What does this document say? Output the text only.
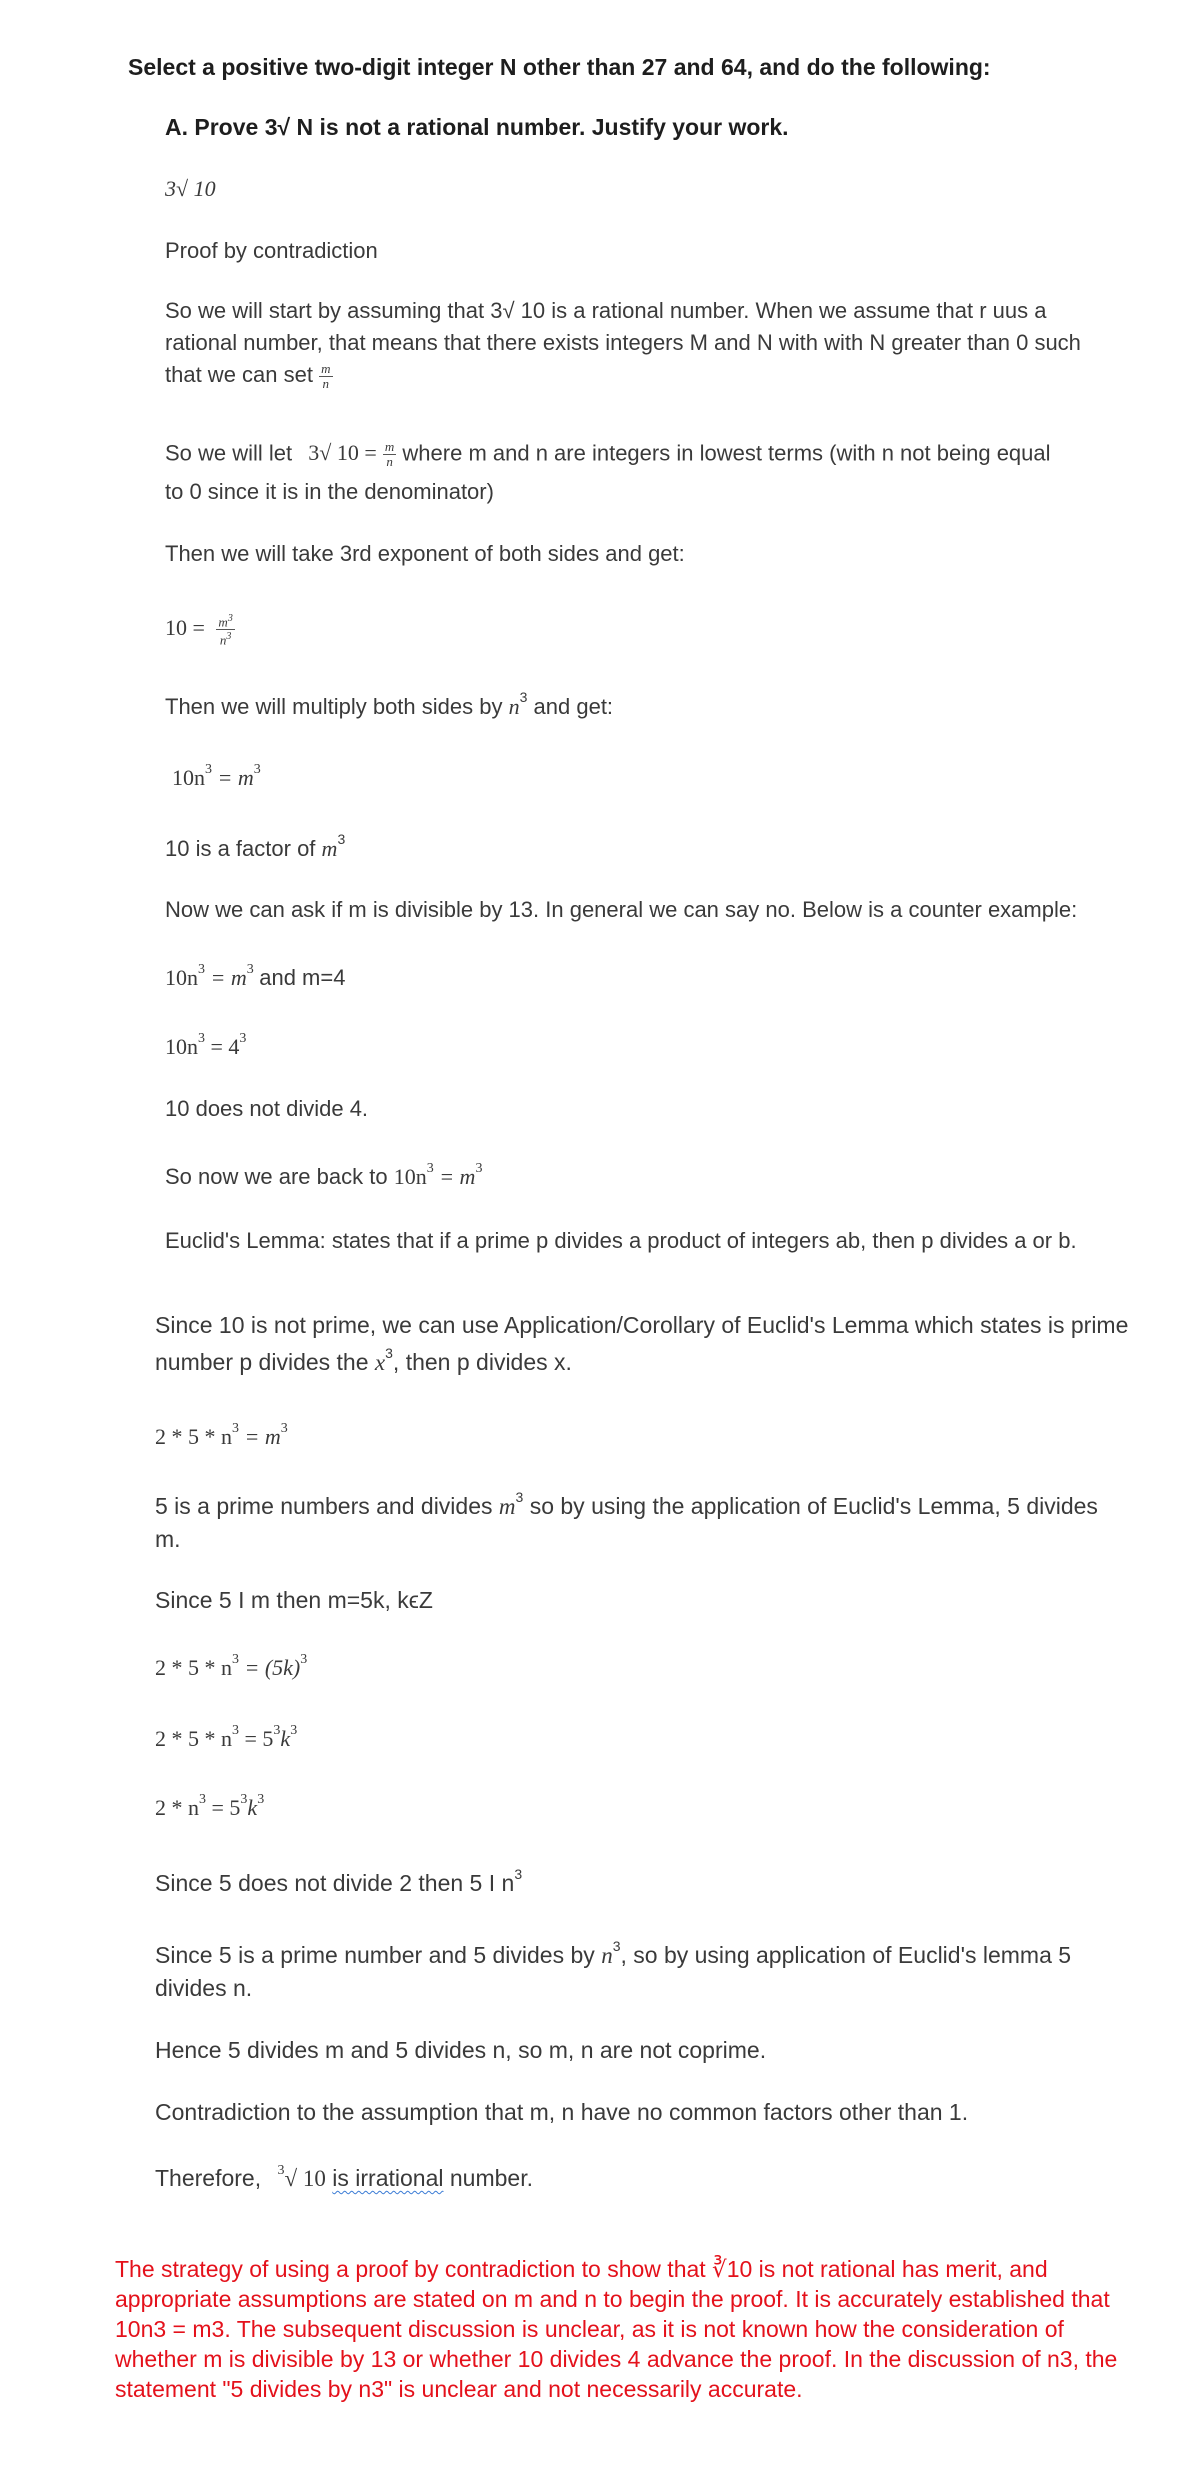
Select a positive two-digit integer N other than 27 and 64, and do the following:
A. Prove 3√ N is not a rational number. Justify your work.
3√ 10
Proof by contradiction
So we will start by assuming that 3√ 10 is a rational number. When we assume that r uus a rational number, that means that there exists integers M and N with with N greater than 0 such that we can set $\frac{m}{n}$
So we will let 3√ $10 = \frac{m}{n}$ where m and n are integers in lowest terms (with n not being equal
to 0 since it is in the denominator)
Then we will take 3rd exponent of both sides and get:
$10 = \frac{m^3}{n^3}$
Then we will multiply both sides by $n^3$ and get:
$10n^3 = m^3$
10 is a factor of $m^3$
Now we can ask if m is divisible by 13. In general we can say no. Below is a counter example:
$10n^3 = m^3$ and m=4
$10n^3 = 4^3$
10 does not divide 4.
So now we are back to $10n^3 = m^3$
Euclid's Lemma: states that if a prime p divides a product of integers ab, then p divides a or b.
Since 10 is not prime, we can use Application/Corollary of Euclid's Lemma which states is prime
number p divides the $x^3$, then p divides x.
$2 * 5 * n^3 = m^3$
5 is a prime numbers and divides $m^3$ so by using the application of Euclid's Lemma, 5 divides
m.
Since 5 I m then m=5k, kϵZ
$2 * 5 * n^3 = (5k)^3$
$2 * 5 * n^3 = 5^3k^3$
$2 * n^3 = 5^3k^3$
Since 5 does not divide 2 then 5 I $n^3$
Since 5 is a prime number and 5 divides by $n^3$, so by using application of Euclid's lemma 5
divides n.
Hence 5 divides m and 5 divides n, so m, n are not coprime.
Contradiction to the assumption that m, n have no common factors other than 1.
Therefore, $^3$√ 10 is irrational number.
The strategy of using a proof by contradiction to show that ∛10 is not rational has merit, and appropriate assumptions are stated on m and n to begin the proof. It is accurately established that 10n3 = m3. The subsequent discussion is unclear, as it is not known how the consideration of whether m is divisible by 13 or whether 10 divides 4 advance the proof. In the discussion of n3, the statement "5 divides by n3" is unclear and not necessarily accurate.
